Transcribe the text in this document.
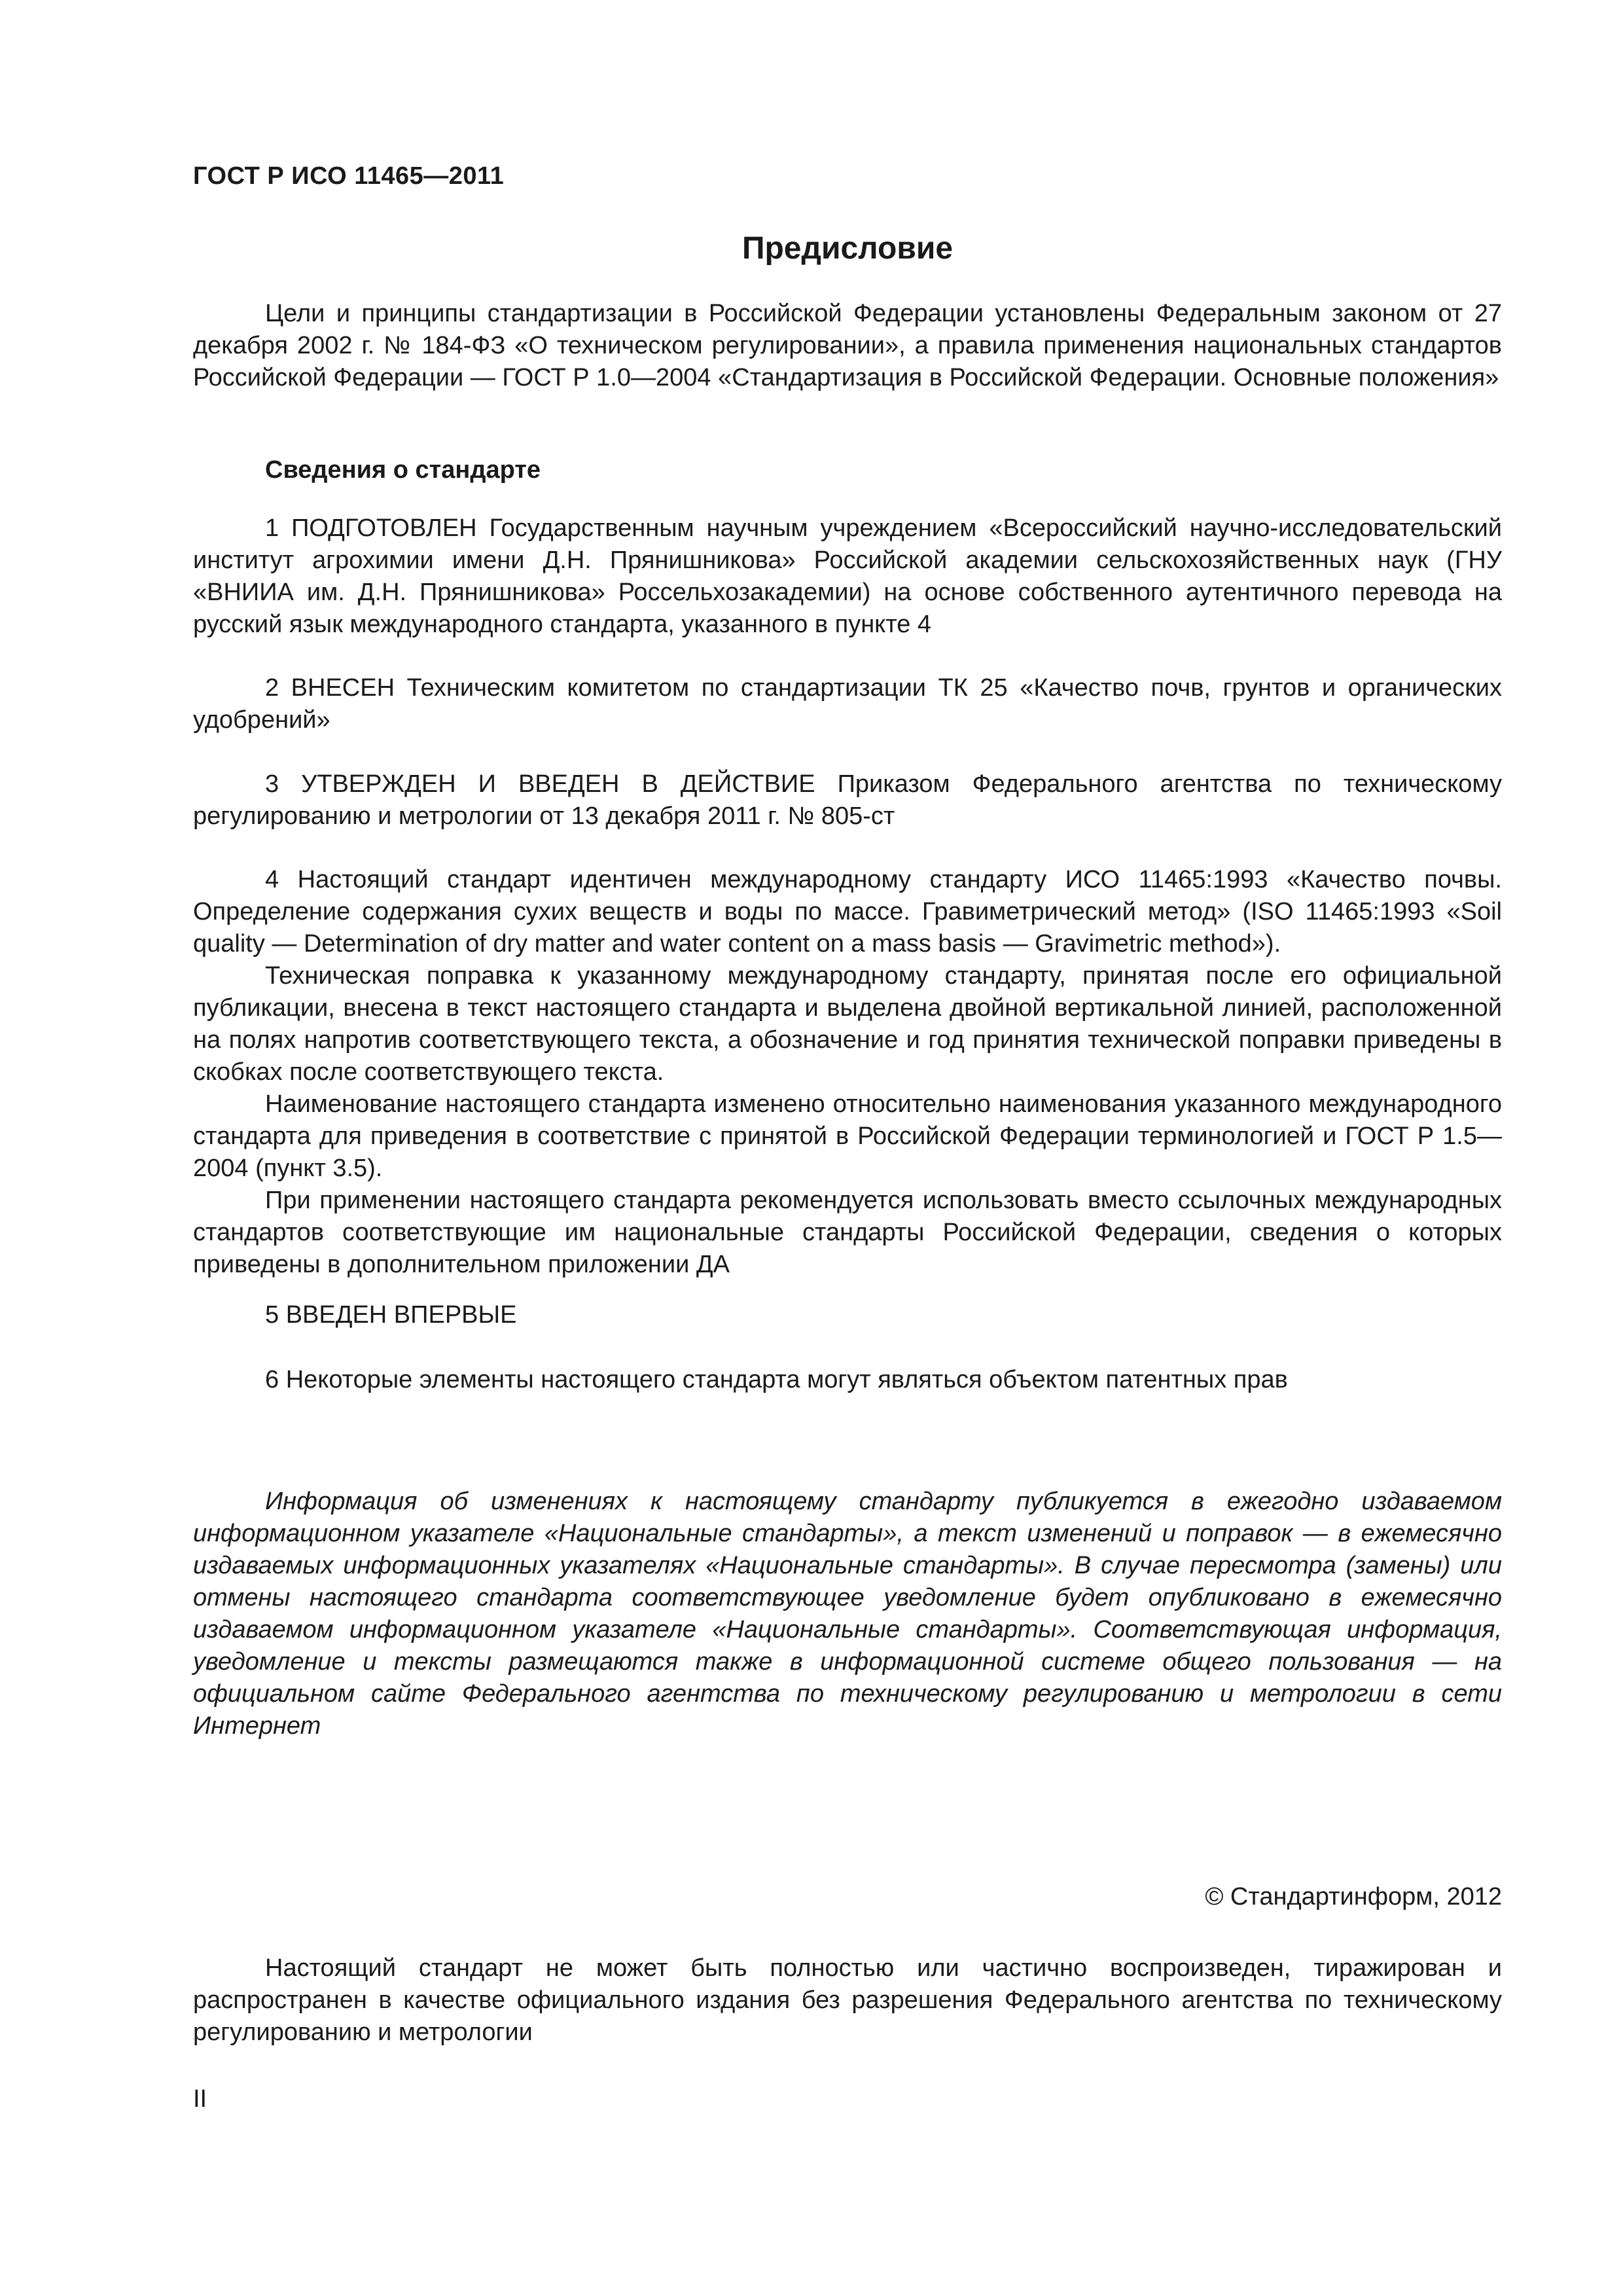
ГОСТ Р ИСО 11465—2011
Предисловие

Цели и принципы стандартизации в Российской Федерации установлены Федеральным законом от 27 декабря 2002 г. № 184-ФЗ «О техническом регулировании», а правила применения национальных стандартов Российской Федерации — ГОСТ Р 1.0—2004 «Стандартизация в Российской Федерации. Основные положения»

Сведения о стандарте

1 ПОДГОТОВЛЕН Государственным научным учреждением «Всероссийский научно-исследовательский институт агрохимии имени Д.Н. Прянишникова» Российской академии сельскохозяйственных наук (ГНУ «ВНИИА им. Д.Н. Прянишникова» Россельхозакадемии) на основе собственного аутентичного перевода на русский язык международного стандарта, указанного в пункте 4

2 ВНЕСЕН Техническим комитетом по стандартизации ТК 25 «Качество почв, грунтов и органических удобрений»

3 УТВЕРЖДЕН И ВВЕДЕН В ДЕЙСТВИЕ Приказом Федерального агентства по техническому регулированию и метрологии от 13 декабря 2011 г. № 805-ст

4 Настоящий стандарт идентичен международному стандарту ИСО 11465:1993 «Качество почвы. Определение содержания сухих веществ и воды по массе. Гравиметрический метод» (ISO 11465:1993 «Soil quality — Determination of dry matter and water content on a mass basis — Gravimetric method»).

Техническая поправка к указанному международному стандарту, принятая после его официальной публикации, внесена в текст настоящего стандарта и выделена двойной вертикальной линией, расположенной на полях напротив соответствующего текста, а обозначение и год принятия технической поправки приведены в скобках после соответствующего текста.

Наименование настоящего стандарта изменено относительно наименования указанного международного стандарта для приведения в соответствие с принятой в Российской Федерации терминологией и ГОСТ Р 1.5—2004 (пункт 3.5).

При применении настоящего стандарта рекомендуется использовать вместо ссылочных международных стандартов соответствующие им национальные стандарты Российской Федерации, сведения о которых приведены в дополнительном приложении ДА

5 ВВЕДЕН ВПЕРВЫЕ

6 Некоторые элементы настоящего стандарта могут являться объектом патентных прав

Информация об изменениях к настоящему стандарту публикуется в ежегодно издаваемом информационном указателе «Национальные стандарты», а текст изменений и поправок — в ежемесячно издаваемых информационных указателях «Национальные стандарты». В случае пересмотра (замены) или отмены настоящего стандарта соответствующее уведомление будет опубликовано в ежемесячно издаваемом информационном указателе «Национальные стандарты». Соответствующая информация, уведомление и тексты размещаются также в информационной системе общего пользования — на официальном сайте Федерального агентства по техническому регулированию и метрологии в сети Интернет
© Стандартинформ, 2012
Настоящий стандарт не может быть полностью или частично воспроизведен, тиражирован и распространен в качестве официального издания без разрешения Федерального агентства по техническому регулированию и метрологии
II
